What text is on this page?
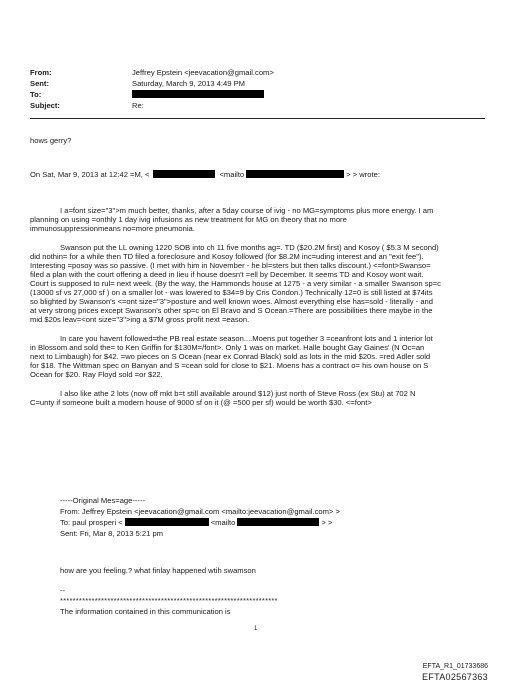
From:	Jeffrey Epstein <jeevacation@gmail.com>
Sent:	Saturday, March 9, 2013 4:49 PM
To:
Subject:	Re:
hows gerry?
On Sat, Mar 9, 2013 at 12:42 =M, <	<mailto	> > wrote:
I a=font size="3">m much better, thanks, after a 5day course of ivig - no MG=symptoms plus more energy. I am
planning on using =onthly 1 day ivig infusions as new treatment for MG on theory that no more
immunosuppressionmeans no=more pneumonia.
Swanson put the LL owning 1220 SOB into ch 11 five months ag=. TD ($20.2M first) and Kosoy ( $5.3 M second)
did nothin= for a while then TD filed a foreclosure and Kosoy followed (for $8.2M inc=uding interest and an "exit fee").
Interesting =posoy was so passive. (I met with him in November - he bl=sters but then talks discount.) <=font>Swanso=
filed a plan with the court offering a deed in lieu if house doesn't =ell by December. It seems TD and Kosoy wont wait.
Court is supposed to rul= next week. (By the way, the Hammonds house at 1275 - a very similar - a smaller Swanson sp=c
(13000 sf vs 27,000 sf ) on a smaller lot - was lowered to $34=9 by Cris Condon.) Technically 12=0 is still listed at $74its
so blighted by Swanson's <=ont size="3">posture and well known woes. Almost everything else has=sold - literally - and
at very strong prices except Swanson's other sp=c on El Bravo and S Ocean.=There are possibilities there maybe in the
mid $20s leav=<ont size="3">ing a $7M gross profit next =eason.
In care you havent followed=the PB real estate season....Moens put together 3 =ceanfront lots and 1 interior lot
in Blossom and sold the= to Ken Griffin for $130M=/font>. Only 1 was on market. Halle bought Gay Gaines' (N Oc=an
next to Limbaugh) for $42. =wo pieces on S Ocean (near ex Conrad Black) sold as lots in the mid $20s. =red Adler sold
for $18. The Wittman spec on Banyan and S =cean sold for close to $21. Moens has a contract o= his own house on S
Ocean for $20. Ray Floyd sold =or $22.
I also like athe 2 lots (now off mkt b=t still available around $12) just north of Steve Ross (ex Stu) at 702 N
C=unty if someone built a modern house of 9000 sf on it (@ =500 per sf) would be worth $30. <=font>
-----Original Mes=age-----
From: Jeffrey Epstein <jeevacation@gmail.com <mailto:jeevacation@gmail.com> >
To: paul prosperi <	<mailto	> >
Sent: Fri, Mar 8, 2013 5:21 pm
how are you feeling.? what finlay happened wtih swamson
--
*********************************************************************
The information contained in this communication is
1
EFTA_R1_01733686
EFTA02567363
